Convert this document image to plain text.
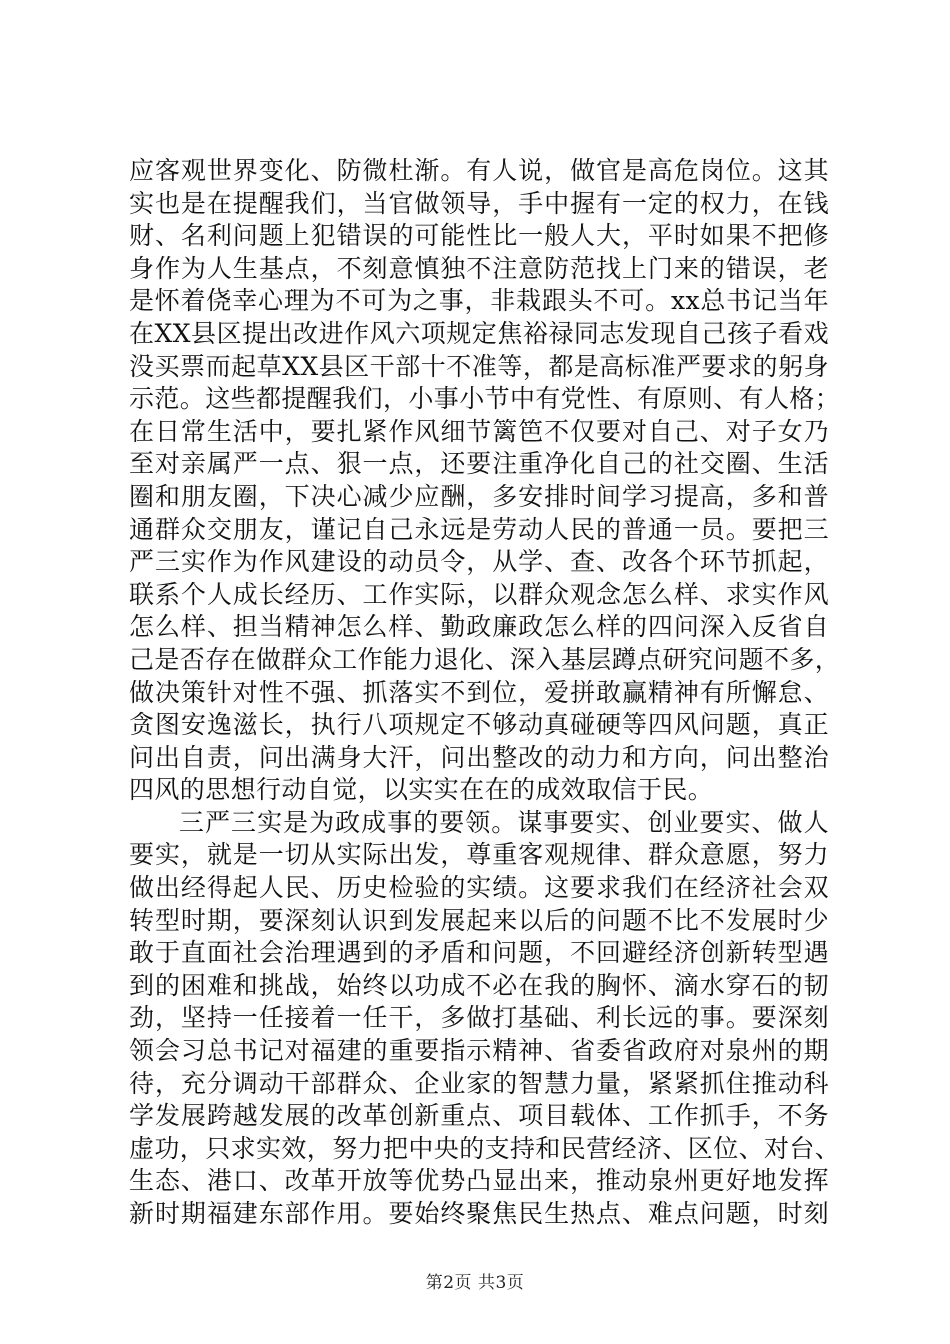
应客观世界变化、防微杜渐。有人说，做官是高危岗位。这其
实也是在提醒我们，当官做领导，手中握有一定的权力，在钱
财、名利问题上犯错误的可能性比一般人大，平时如果不把修
身作为人生基点，不刻意慎独不注意防范找上门来的错误，老
是怀着侥幸心理为不可为之事，非栽跟头不可。xx总书记当年
在XX县区提出改进作风六项规定焦裕禄同志发现自己孩子看戏
没买票而起草XX县区干部十不准等，都是高标准严要求的躬身
示范。这些都提醒我们，小事小节中有党性、有原则、有人格；
在日常生活中，要扎紧作风细节篱笆不仅要对自己、对子女乃
至对亲属严一点、狠一点，还要注重净化自己的社交圈、生活
圈和朋友圈，下决心减少应酬，多安排时间学习提高，多和普
通群众交朋友，谨记自己永远是劳动人民的普通一员。要把三
严三实作为作风建设的动员令，从学、查、改各个环节抓起，
联系个人成长经历、工作实际，以群众观念怎么样、求实作风
怎么样、担当精神怎么样、勤政廉政怎么样的四问深入反省自
己是否存在做群众工作能力退化、深入基层蹲点研究问题不多，
做决策针对性不强、抓落实不到位，爱拼敢赢精神有所懈怠、
贪图安逸滋长，执行八项规定不够动真碰硬等四风问题，真正
问出自责，问出满身大汗，问出整改的动力和方向，问出整治
四风的思想行动自觉，以实实在在的成效取信于民。
三严三实是为政成事的要领。谋事要实、创业要实、做人
要实，就是一切从实际出发，尊重客观规律、群众意愿，努力
做出经得起人民、历史检验的实绩。这要求我们在经济社会双
转型时期，要深刻认识到发展起来以后的问题不比不发展时少
敢于直面社会治理遇到的矛盾和问题，不回避经济创新转型遇
到的困难和挑战，始终以功成不必在我的胸怀、滴水穿石的韧
劲，坚持一任接着一任干，多做打基础、利长远的事。要深刻
领会习总书记对福建的重要指示精神、省委省政府对泉州的期
待，充分调动干部群众、企业家的智慧力量，紧紧抓住推动科
学发展跨越发展的改革创新重点、项目载体、工作抓手，不务
虚功，只求实效，努力把中央的支持和民营经济、区位、对台、
生态、港口、改革开放等优势凸显出来，推动泉州更好地发挥
新时期福建东部作用。要始终聚焦民生热点、难点问题，时刻
第2页 共3页
